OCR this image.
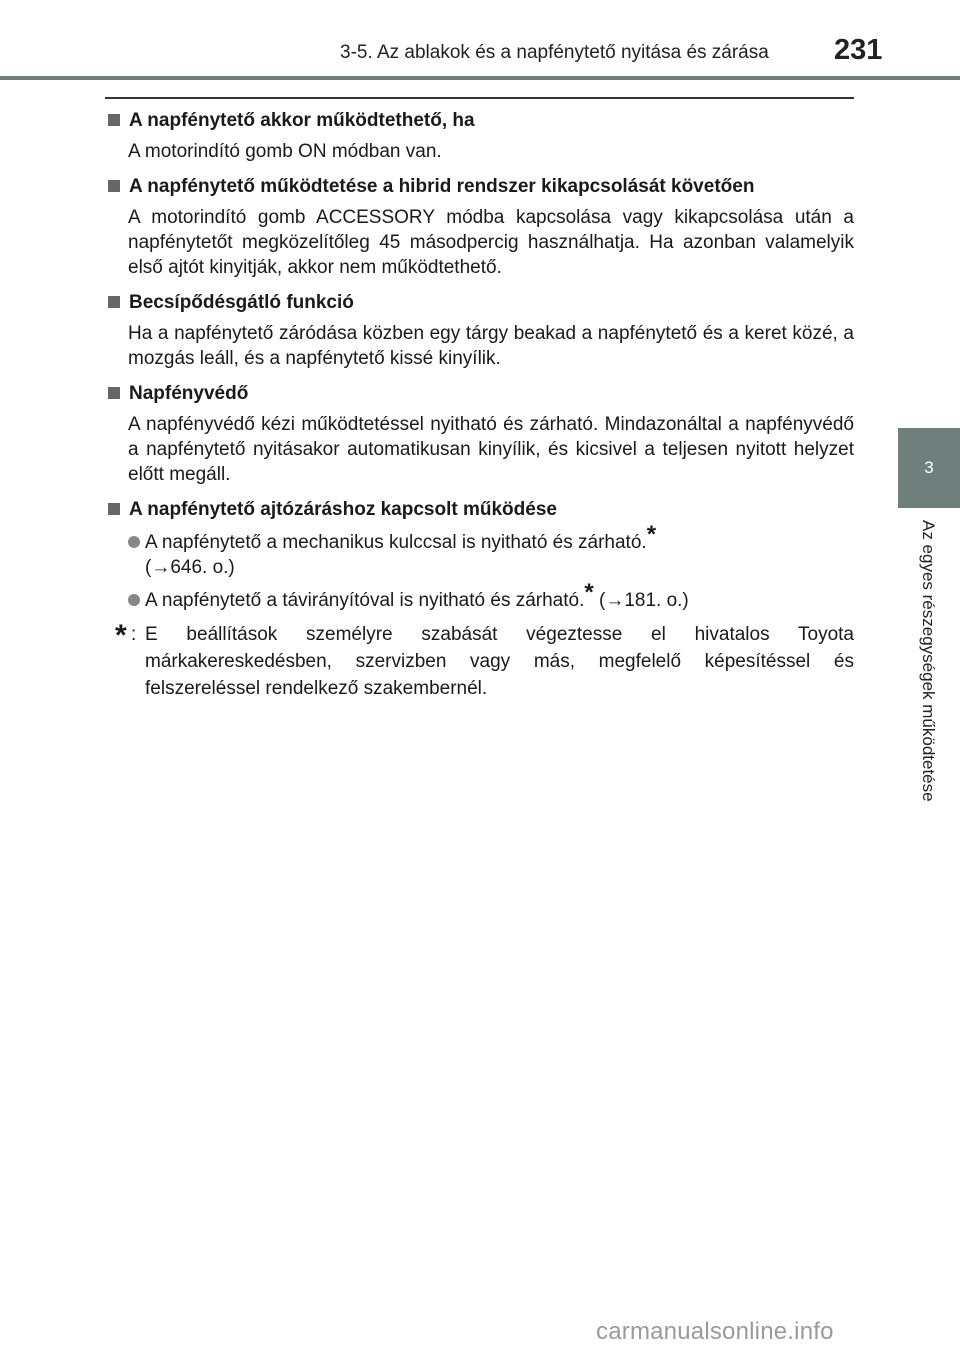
3-5. Az ablakok és a napfénytető nyitása és zárása 231
3
Az egyes részegységek működtetése
A napfénytető akkor működtethető, ha
A motorindító gomb ON módban van.
A napfénytető működtetése a hibrid rendszer kikapcsolását követően
A motorindító gomb ACCESSORY módba kapcsolása vagy kikapcsolása után a napfénytetőt megközelítőleg 45 másodpercig használhatja. Ha azonban valamelyik első ajtót kinyitják, akkor nem működtethető.
Becsípődésgátló funkció
Ha a napfénytető záródása közben egy tárgy beakad a napfénytető és a keret közé, a mozgás leáll, és a napfénytető kissé kinyílik.
Napfényvédő
A napfényvédő kézi működtetéssel nyitható és zárható. Mindazonáltal a napfényvédő a napfénytető nyitásakor automatikusan kinyílik, és kicsivel a teljesen nyitott helyzet előtt megáll.
A napfénytető ajtózáráshoz kapcsolt működése
A napfénytető a mechanikus kulccsal is nyitható és zárható.*
(→646. o.)
A napfénytető a távirányítóval is nyitható és zárható.* (→181. o.)
* : E beállítások személyre szabását végeztesse el hivatalos Toyota márkakereskedésben, szervizben vagy más, megfelelő képesítéssel és felszereléssel rendelkező szakembernél.
carmanualsonline.info
